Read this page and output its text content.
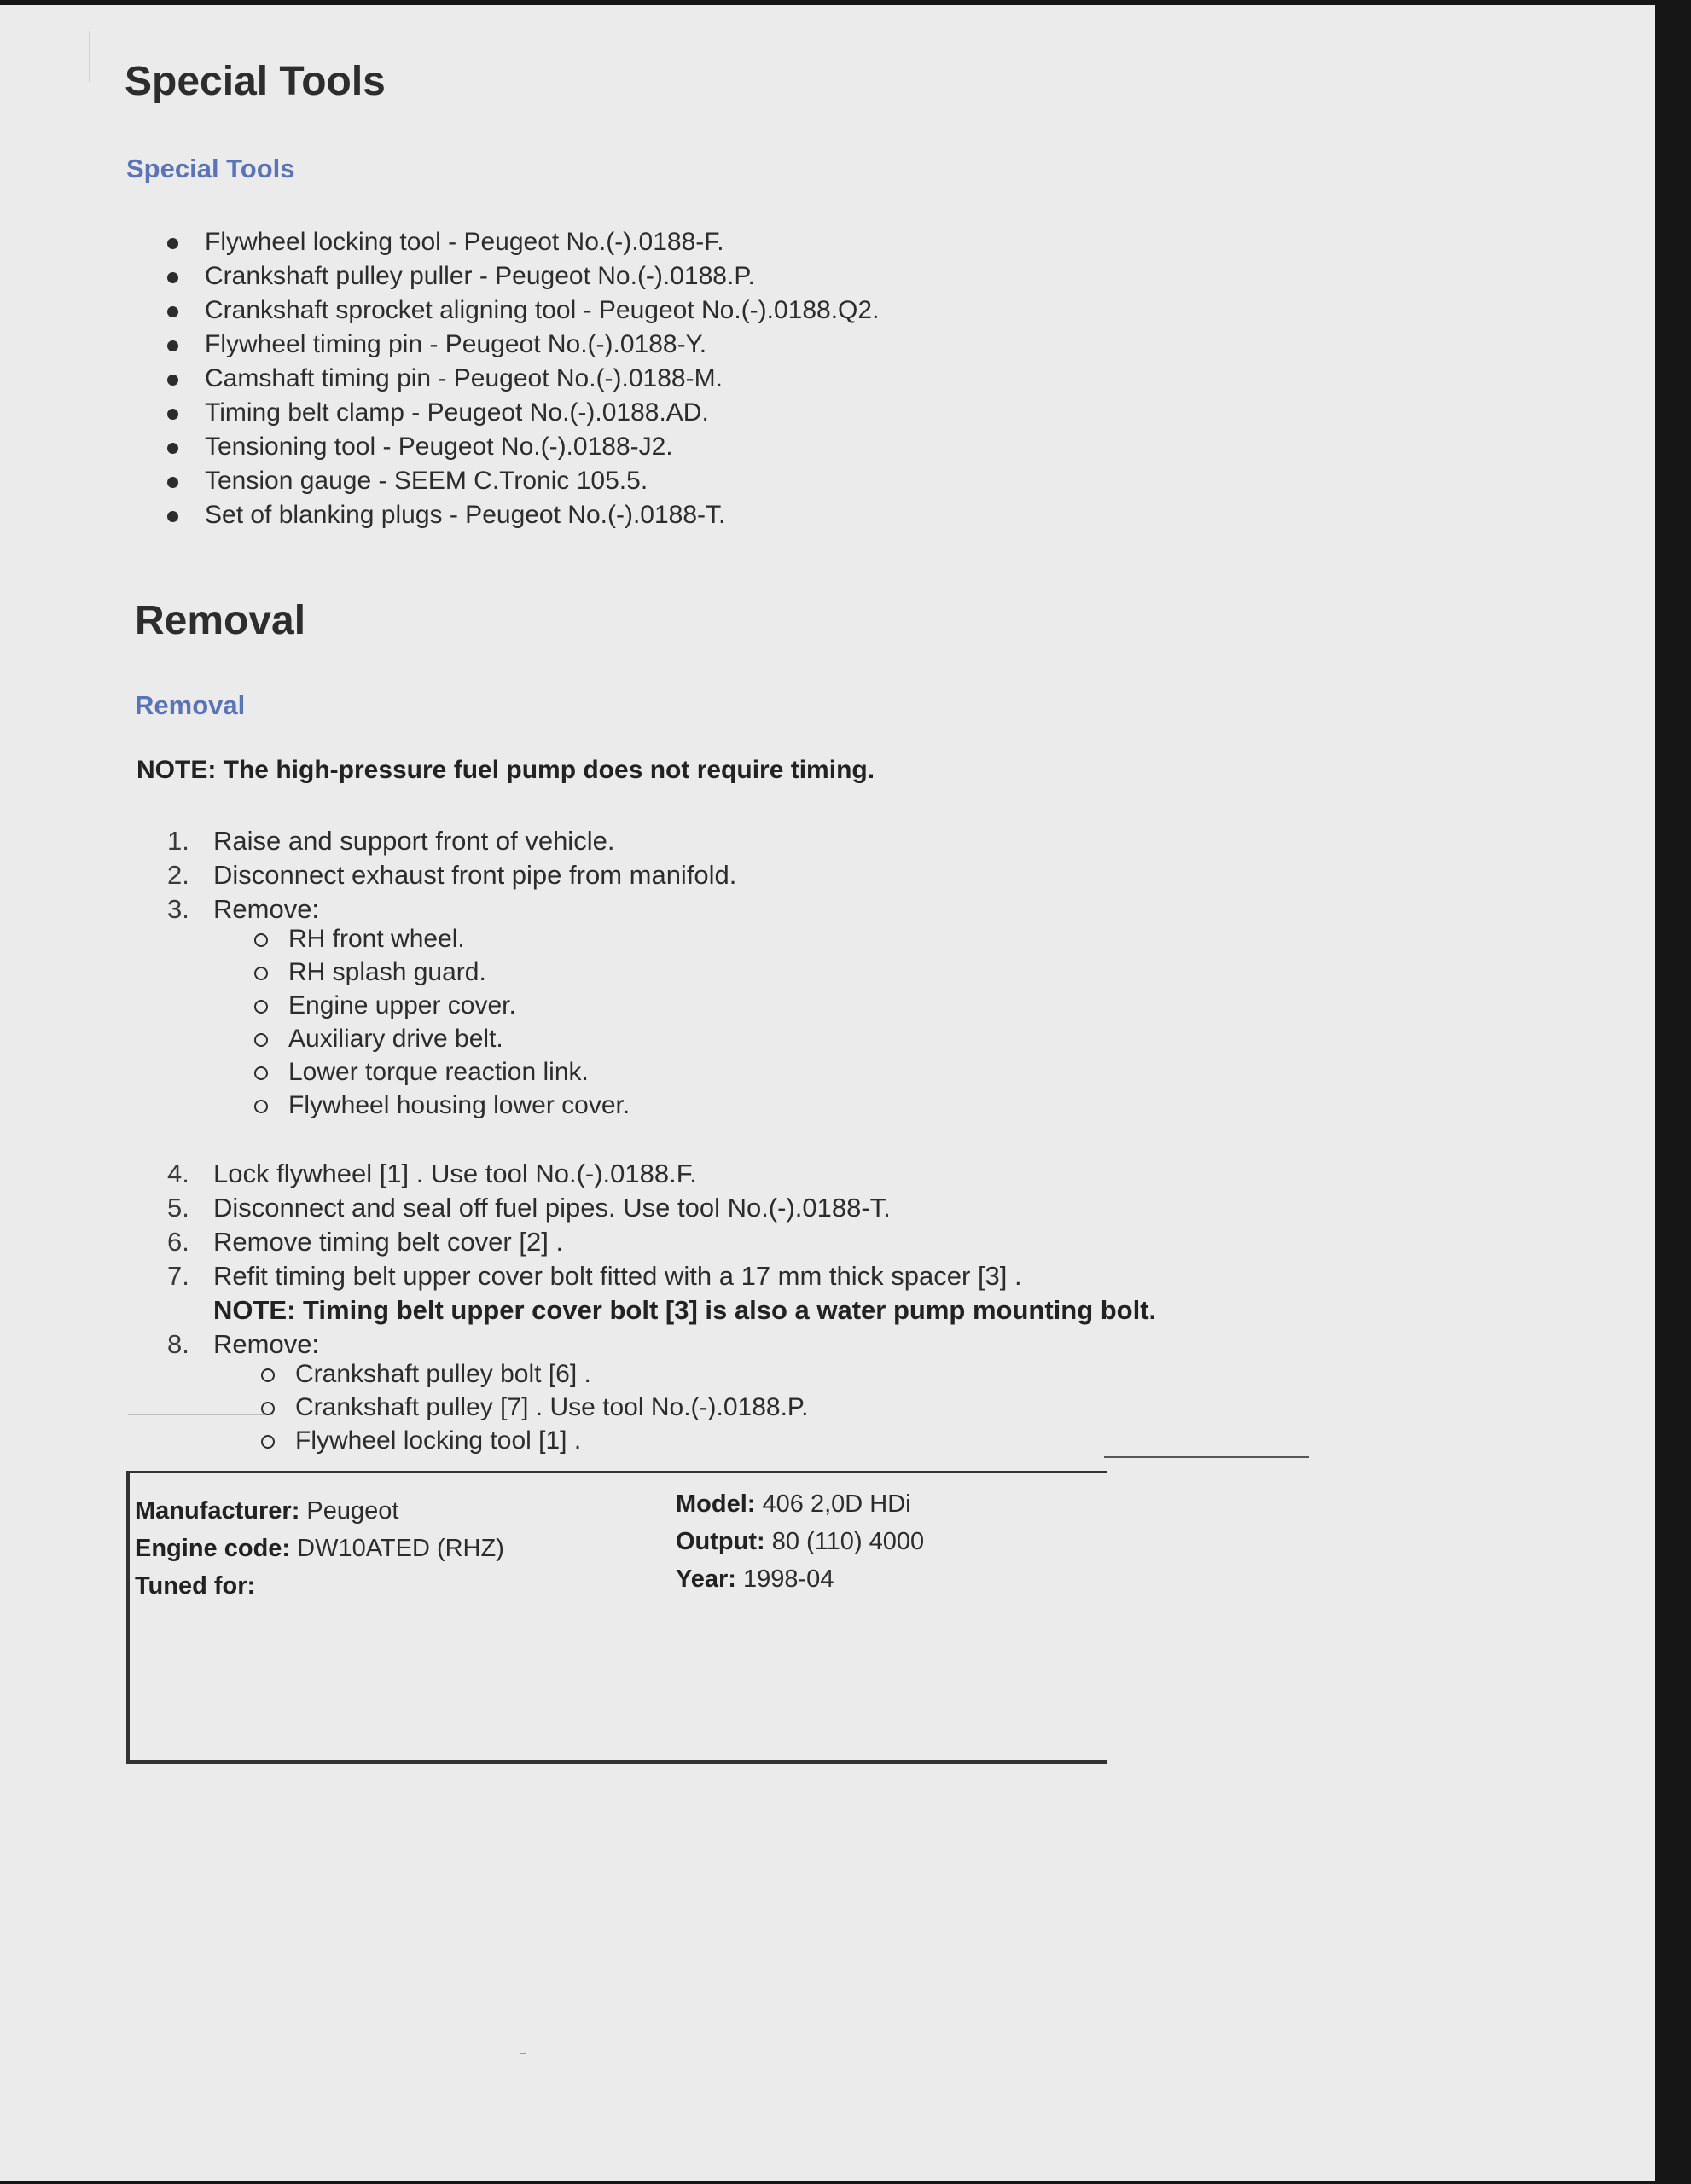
Special Tools
Special Tools
Flywheel locking tool - Peugeot No.(-).0188-F.
Crankshaft pulley puller - Peugeot No.(-).0188.P.
Crankshaft sprocket aligning tool - Peugeot No.(-).0188.Q2.
Flywheel timing pin - Peugeot No.(-).0188-Y.
Camshaft timing pin - Peugeot No.(-).0188-M.
Timing belt clamp - Peugeot No.(-).0188.AD.
Tensioning tool - Peugeot No.(-).0188-J2.
Tension gauge - SEEM C.Tronic 105.5.
Set of blanking plugs - Peugeot No.(-).0188-T.
Removal
Removal

NOTE: The high-pressure fuel pump does not require timing.

1. Raise and support front of vehicle.
2. Disconnect exhaust front pipe from manifold.
3. Remove:
RH front wheel.
RH splash guard.
Engine upper cover.
Auxiliary drive belt.
Lower torque reaction link.
Flywheel housing lower cover.
4. Lock flywheel [1] . Use tool No.(-).0188.F.
5. Disconnect and seal off fuel pipes. Use tool No.(-).0188-T.
6. Remove timing belt cover [2] .
7. Refit timing belt upper cover bolt fitted with a 17 mm thick spacer [3] .
NOTE: Timing belt upper cover bolt [3] is also a water pump mounting bolt.
8. Remove:
Crankshaft pulley bolt [6] .
Crankshaft pulley [7] . Use tool No.(-).0188.P.
Flywheel locking tool [1] .
Manufacturer: Peugeot
Engine code: DW10ATED (RHZ)
Tuned for:
Model: 406 2,0D HDi
Output: 80 (110) 4000
Year: 1998-04
